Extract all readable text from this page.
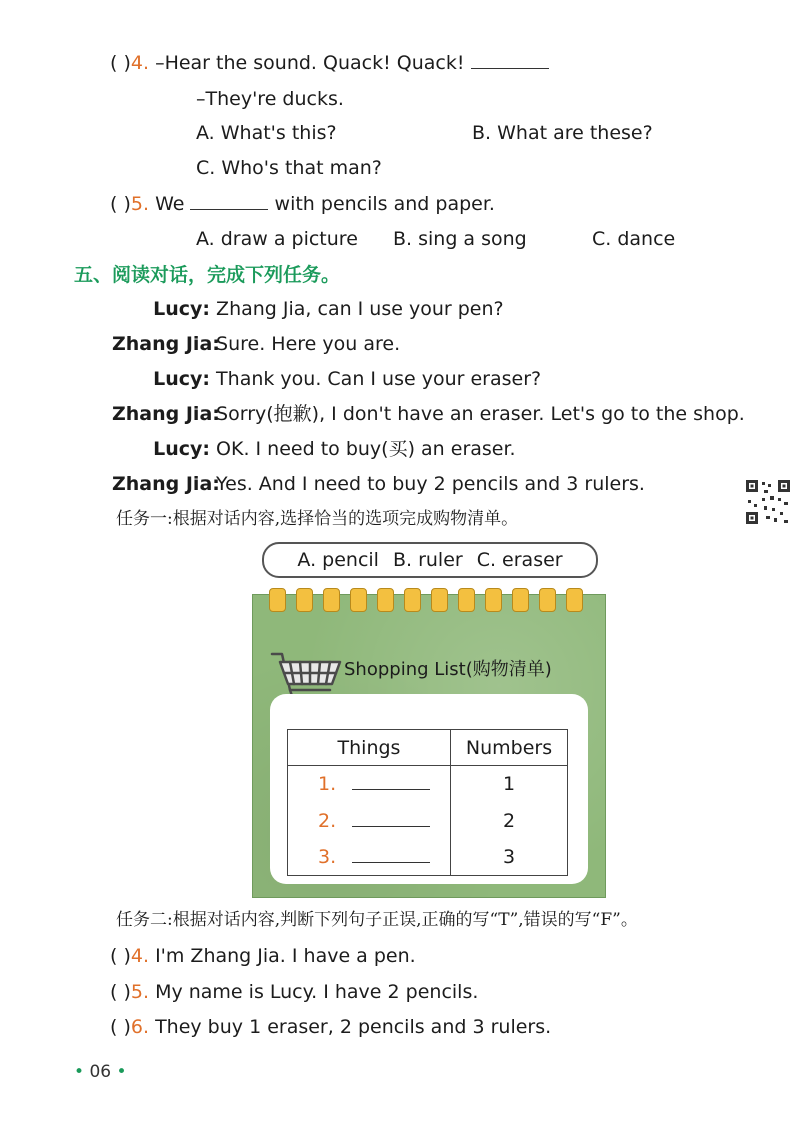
( )4. –Hear the sound. Quack! Quack!
–They're ducks.
A. What's this?	B. What are these?
C. Who's that man?
( )5. We	with pencils and paper.
A. draw a picture B. sing a song	C. dance
五、阅读对话，完成下列任务。
Lucy: Zhang Jia, can I use your pen?
Zhang Jia: Sure. Here you are.
Lucy: Thank you. Can I use your eraser?
Zhang Jia: Sorry(抱歉), I don't have an eraser. Let's go to the shop.
Lucy: OK. I need to buy(买) an eraser.
Zhang Jia: Yes. And I need to buy 2 pencils and 3 rulers.
任务一:根据对话内容,选择恰当的选项完成购物清单。
A. pencil B. ruler C. eraser
Shopping List(购物清单)
Things	Numbers
1.	1
2.	2
3.	3
任务二:根据对话内容,判断下列句子正误,正确的写“T”,错误的写“F”。
( )4. I'm Zhang Jia. I have a pen.
( )5. My name is Lucy. I have 2 pencils.
( )6. They buy 1 eraser, 2 pencils and 3 rulers.
• 06 •
